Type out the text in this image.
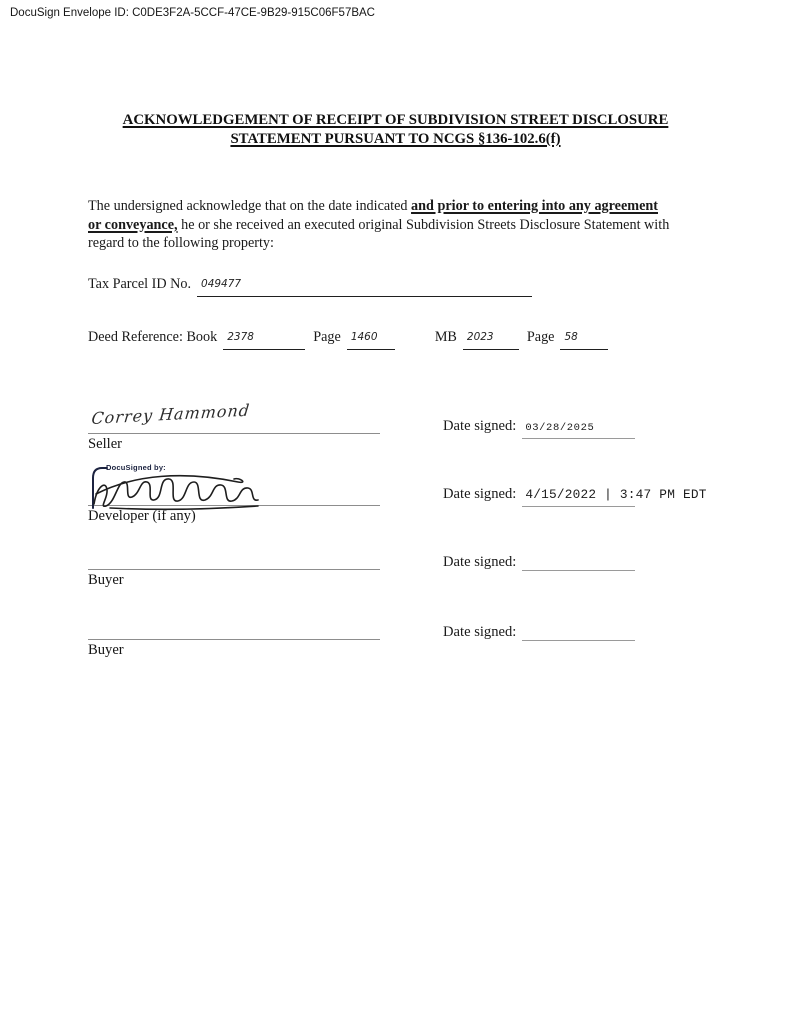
DocuSign Envelope ID: C0DE3F2A-5CCF-47CE-9B29-915C06F57BAC
ACKNOWLEDGEMENT OF RECEIPT OF SUBDIVISION STREET DISCLOSURE
STATEMENT PURSUANT TO NCGS §136-102.6(f)
The undersigned acknowledge that on the date indicated and prior to entering into any agreement
or conveyance, he or she received an executed original Subdivision Streets Disclosure Statement with
regard to the following property:
Tax Parcel ID No. 049477
Deed Reference: Book 2378	Page 1460	MB 2023	Page 58
Correy Hammond
Seller
Date signed: 03/28/2025
DocuSigned by:
Developer (if any)
Date signed: 4/15/2022 | 3:47 PM EDT
Buyer
Date signed:
Buyer
Date signed:
